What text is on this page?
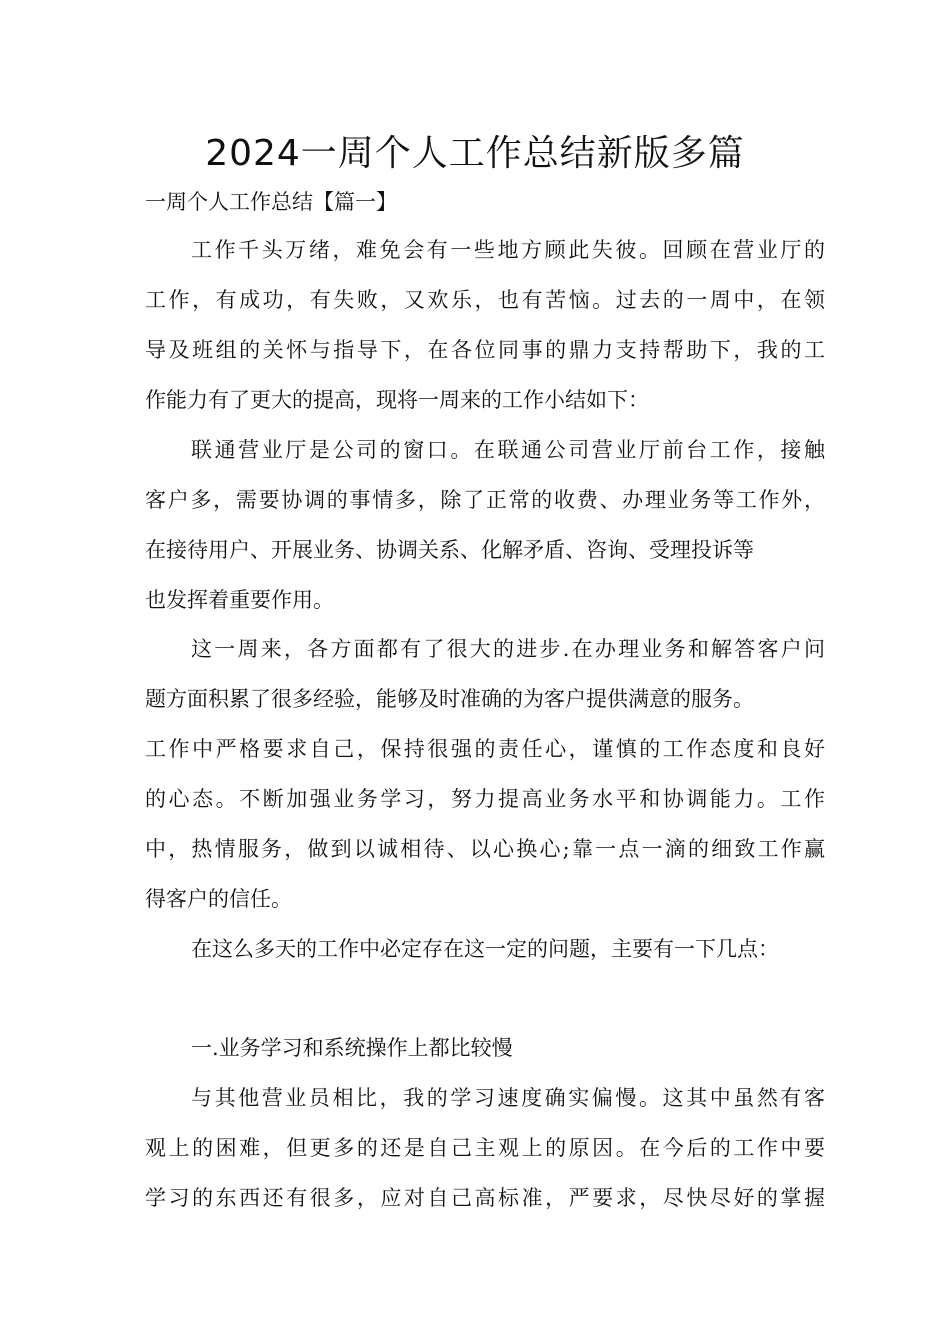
2024一周个人工作总结新版多篇
一周个人工作总结【篇一】
工作千头万绪，难免会有一些地方顾此失彼。回顾在营业厅的
工作，有成功，有失败，又欢乐，也有苦恼。过去的一周中，在领
导及班组的关怀与指导下，在各位同事的鼎力支持帮助下，我的工
作能力有了更大的提高，现将一周来的工作小结如下：
联通营业厅是公司的窗口。在联通公司营业厅前台工作，接触
客户多，需要协调的事情多，除了正常的收费、办理业务等工作外，
在接待用户、开展业务、协调关系、化解矛盾、咨询、受理投诉等
也发挥着重要作用。
这一周来，各方面都有了很大的进步.在办理业务和解答客户问
题方面积累了很多经验，能够及时准确的为客户提供满意的服务。
工作中严格要求自己，保持很强的责任心，谨慎的工作态度和良好
的心态。不断加强业务学习，努力提高业务水平和协调能力。工作
中，热情服务，做到以诚相待、以心换心;靠一点一滴的细致工作赢
得客户的信任。
在这么多天的工作中必定存在这一定的问题，主要有一下几点：
一.业务学习和系统操作上都比较慢
与其他营业员相比，我的学习速度确实偏慢。这其中虽然有客
观上的困难，但更多的还是自己主观上的原因。在今后的工作中要
学习的东西还有很多，应对自己高标准，严要求，尽快尽好的掌握
